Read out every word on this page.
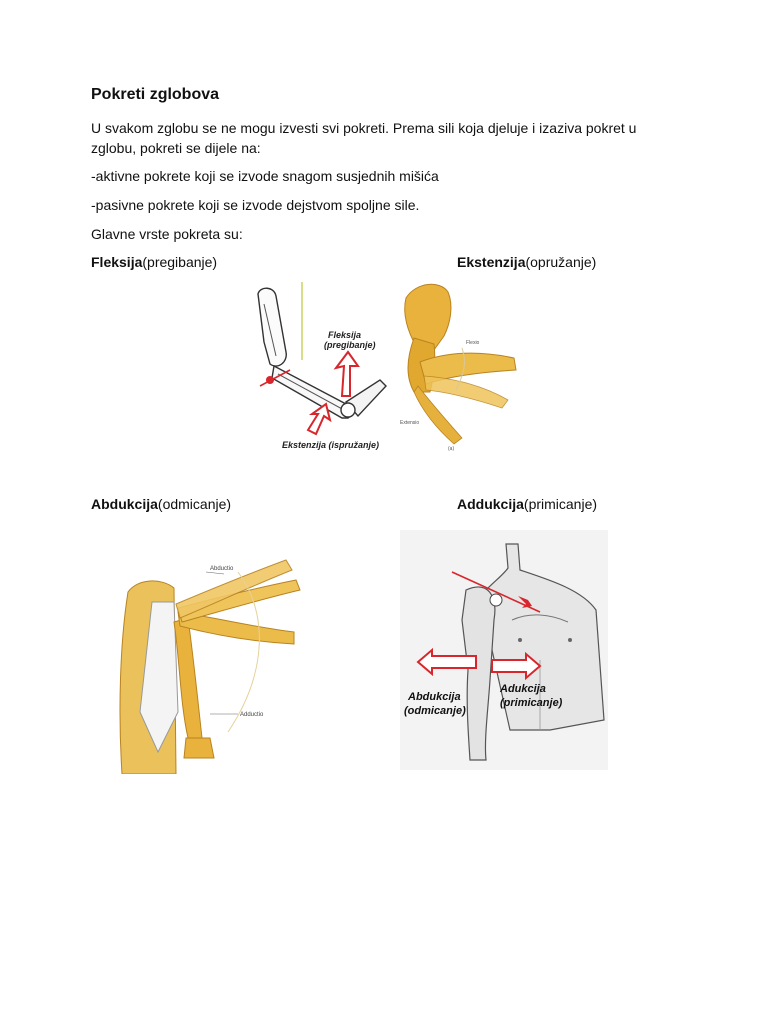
Pokreti zglobova
U svakom zglobu se ne mogu izvesti svi pokreti. Prema sili koja djeluje i izaziva pokret u
zglobu, pokreti se dijele na:
-aktivne pokrete koji se izvode snagom susjednih mišića
-pasivne pokrete koji se izvode dejstvom spoljne sile.
Glavne vrste pokreta su:
Fleksija(pregibanje)	Ekstenzija(opružanje)
Abdukcija(odmicanje)	Addukcija(primicanje)
Fleksija
(pregibanje)
Ekstenzija (ispružanje)
Flexio
Extensio
(a)
Abductio
Adductio
Abdukcija
(odmicanje)
Adukcija
(primicanje)
